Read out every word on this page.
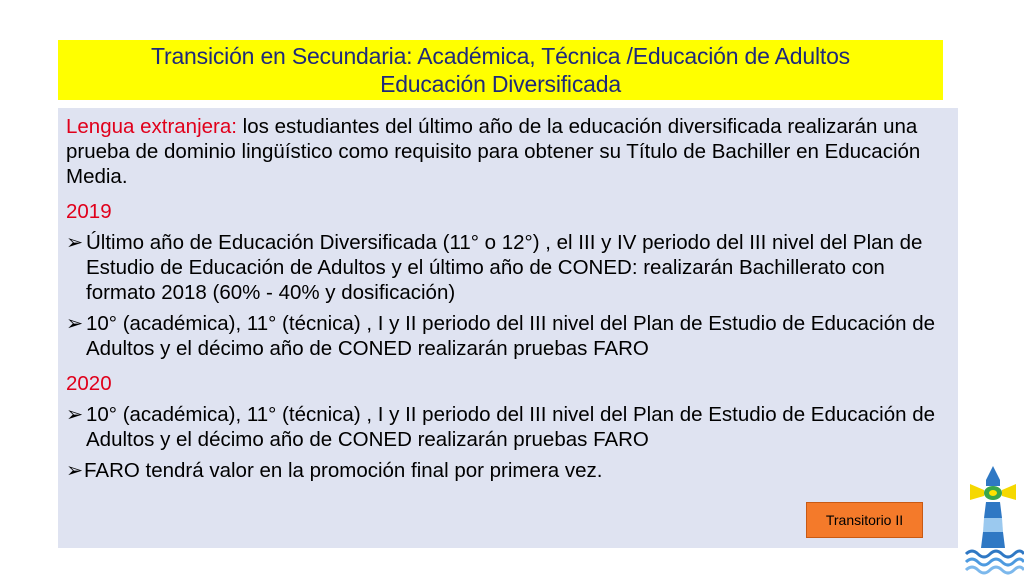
Transición en Secundaria: Académica, Técnica /Educación de Adultos
Educación Diversificada

Lengua extranjera: los estudiantes del último año de la educación diversificada realizarán una prueba de dominio lingüístico como requisito para obtener su Título de Bachiller en Educación Media.

2019
➢ Último año de Educación Diversificada (11° o 12°) , el III y IV periodo del III nivel del Plan de Estudio de Educación de Adultos y el último año de CONED: realizarán Bachillerato con formato 2018 (60% - 40% y dosificación)
➢ 10° (académica), 11° (técnica) , I y II periodo del III nivel del Plan de Estudio de Educación de Adultos y el décimo año de CONED realizarán pruebas FARO
2020
➢ 10° (académica), 11° (técnica) , I y II periodo del III nivel del Plan de Estudio de Educación de Adultos y el décimo año de CONED realizarán pruebas FARO
➢ FARO tendrá valor en la promoción final por primera vez.
Transitorio II
